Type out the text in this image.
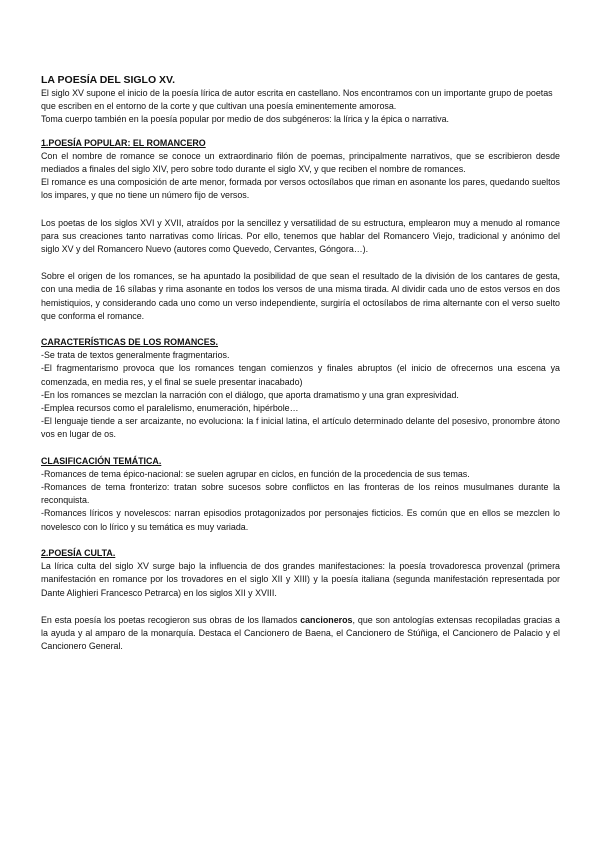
LA POESÍA DEL SIGLO XV.

El siglo XV supone el inicio de la poesía lírica de autor escrita en castellano. Nos encontramos con un importante grupo de poetas que escriben en el entorno de la corte y que cultivan una poesía eminentemente amorosa.

Toma cuerpo también en la poesía popular por medio de dos subgéneros: la lírica y la épica o narrativa.

1.POESÍA POPULAR: EL ROMANCERO

Con el nombre de romance se conoce un extraordinario filón de poemas, principalmente narrativos, que se escribieron desde mediados a finales del siglo XIV, pero sobre todo durante el siglo XV, y que reciben el nombre de romances.

El romance es una composición de arte menor, formada por versos octosílabos que riman en asonante los pares, quedando sueltos los impares, y que no tiene un número fijo de versos.

Los poetas de los siglos XVI y XVII, atraídos por la sencillez y versatilidad de su estructura, emplearon muy a menudo al romance para sus creaciones tanto narrativas como líricas. Por ello, tenemos que hablar del Romancero Viejo, tradicional y anónimo del siglo XV y del Romancero Nuevo (autores como Quevedo, Cervantes, Góngora…).

Sobre el origen de los romances, se ha apuntado la posibilidad de que sean el resultado de la división de los cantares de gesta, con una media de 16 sílabas y rima asonante en todos los versos de una misma tirada. Al dividir cada uno de estos versos en dos hemistiquios, y considerando cada uno como un verso independiente, surgiría el octosílabos de rima alternante con el verso suelto que conforma el romance.

CARACTERÍSTICAS DE LOS ROMANCES.

-Se trata de textos generalmente fragmentarios.

-El fragmentarismo provoca que los romances tengan comienzos y finales abruptos (el inicio de ofrecernos una escena ya comenzada, en media res, y el final se suele presentar inacabado)

-En los romances se mezclan la narración con el diálogo, que aporta dramatismo y una gran expresividad.

-Emplea recursos como el paralelismo, enumeración, hipérbole…

-El lenguaje tiende a ser arcaizante, no evoluciona: la f inicial latina, el artículo determinado delante del posesivo, pronombre átono vos en lugar de os.

CLASIFICACIÓN TEMÁTICA.

-Romances de tema épico-nacional: se suelen agrupar en ciclos, en función de la procedencia de sus temas.

-Romances de tema fronterizo: tratan sobre sucesos sobre conflictos en las fronteras de los reinos musulmanes durante la reconquista.

-Romances líricos y novelescos: narran episodios protagonizados por personajes ficticios. Es común que en ellos se mezclen lo novelesco con lo lírico y su temática es muy variada.

2.POESÍA CULTA.

La lírica culta del siglo XV surge bajo la influencia de dos grandes manifestaciones: la poesía trovadoresca provenzal (primera manifestación en romance por los trovadores en el siglo XII y XIII) y la poesía italiana (segunda manifestación representada por Dante Alighieri Francesco Petrarca) en los siglos XII y XVIII.

En esta poesía los poetas recogieron sus obras de los llamados cancioneros, que son antologías extensas recopiladas gracias a la ayuda y al amparo de la monarquía. Destaca el Cancionero de Baena, el Cancionero de Stúñiga, el Cancionero de Palacio y el Cancionero General.
